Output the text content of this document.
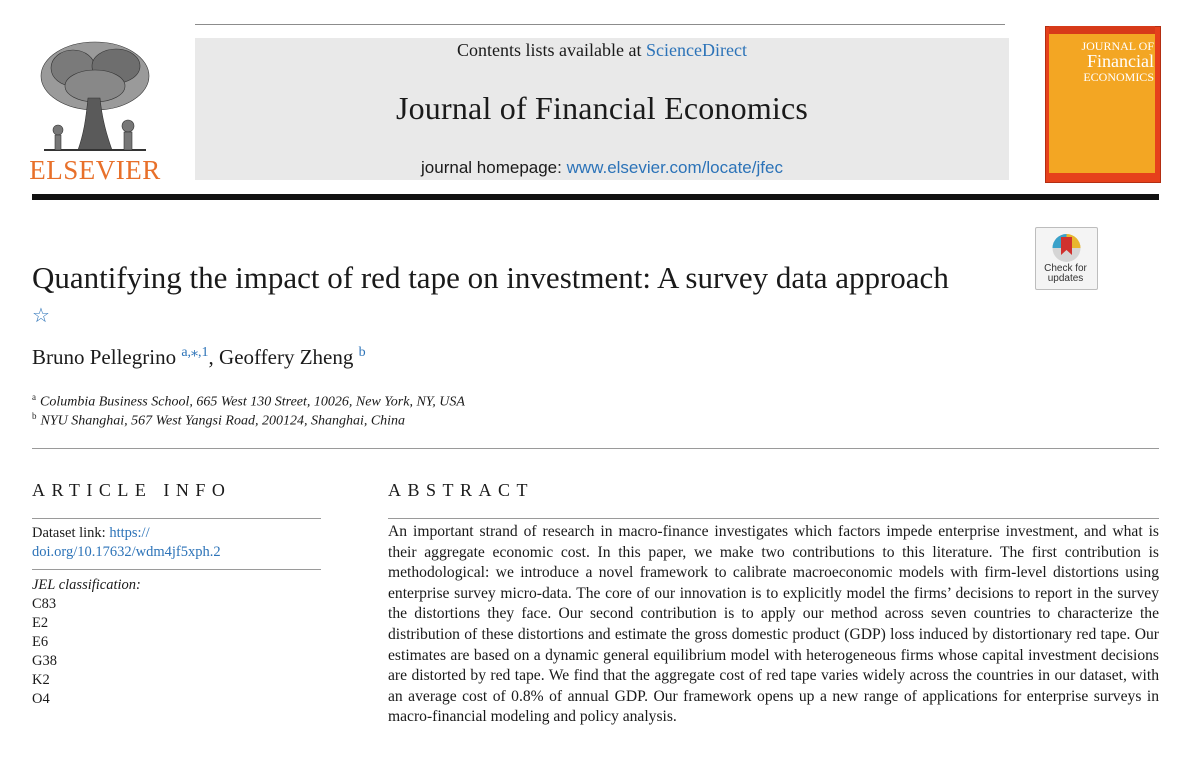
ELSEVIER
Contents lists available at ScienceDirect
Journal of Financial Economics
journal homepage: www.elsevier.com/locate/jfec
JOURNAL OF
Financial
ECONOMICS
Check for
updates
Quantifying the impact of red tape on investment: A survey data approach ☆
Bruno Pellegrino $^{a,⁎,1}$, Geoffery Zheng $^b$
$^a$ Columbia Business School, 665 West 130 Street, 10026, New York, NY, USA
$^b$ NYU Shanghai, 567 West Yangsi Road, 200124, Shanghai, China
ARTICLE INFO
Dataset link: https://
doi.org/10.17632/wdm4jf5xph.2
JEL classification:
C83
E2
E6
G38
K2
O4
ABSTRACT
An important strand of research in macro-finance investigates which factors impede enterprise investment, and what is their aggregate economic cost. In this paper, we make two contributions to this literature. The first contribution is methodological: we introduce a novel framework to calibrate macroeconomic models with firm-level distortions using enterprise survey micro-data. The core of our innovation is to explicitly model the firms’ decisions to report in the survey the distortions they face. Our second contribution is to apply our method across seven countries to characterize the distribution of these distortions and estimate the gross domestic product (GDP) loss induced by distortionary red tape. Our estimates are based on a dynamic general equilibrium model with heterogeneous firms whose capital investment decisions are distorted by red tape. We find that the aggregate cost of red tape varies widely across the countries in our dataset, with an average cost of 0.8% of annual GDP. Our framework opens up a new range of applications for enterprise surveys in macro-financial modeling and policy analysis.
